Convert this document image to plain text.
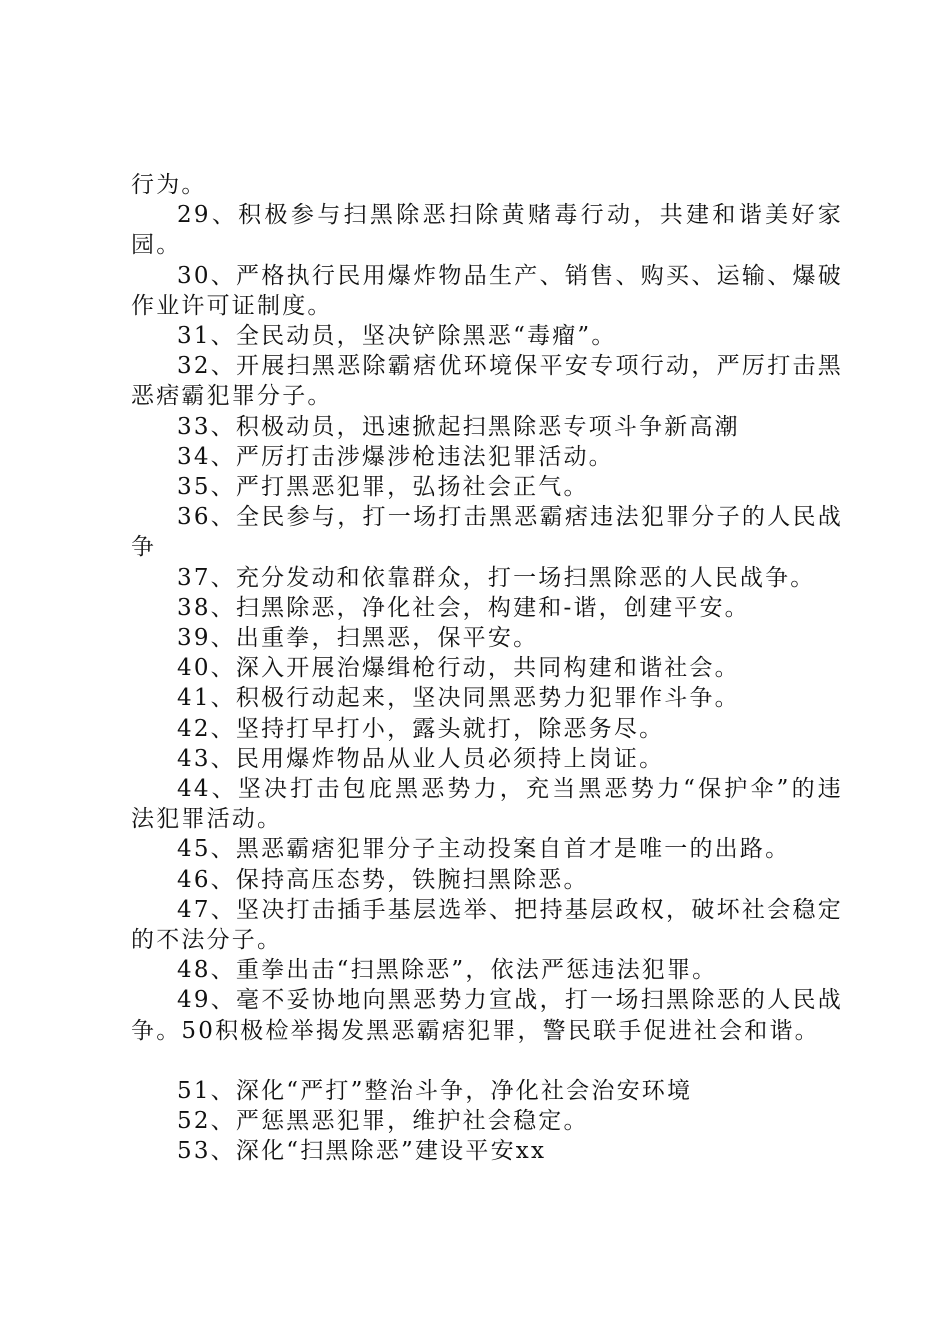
行为。

29、积极参与扫黑除恶扫除黄赌毒行动，共建和谐美好家园。

30、严格执行民用爆炸物品生产、销售、购买、运输、爆破作业许可证制度。

31、全民动员，坚决铲除黑恶“毒瘤”。

32、开展扫黑恶除霸痞优环境保平安专项行动，严厉打击黑恶痞霸犯罪分子。

33、积极动员，迅速掀起扫黑除恶专项斗争新高潮

34、严厉打击涉爆涉枪违法犯罪活动。

35、严打黑恶犯罪，弘扬社会正气。

36、全民参与，打一场打击黑恶霸痞违法犯罪分子的人民战争

37、充分发动和依靠群众，打一场扫黑除恶的人民战争。

38、扫黑除恶，净化社会，构建和-谐，创建平安。

39、出重拳，扫黑恶，保平安。

40、深入开展治爆缉枪行动，共同构建和谐社会。

41、积极行动起来，坚决同黑恶势力犯罪作斗争。

42、坚持打早打小，露头就打，除恶务尽。

43、民用爆炸物品从业人员必须持上岗证。

44、坚决打击包庇黑恶势力，充当黑恶势力“保护伞”的违法犯罪活动。

45、黑恶霸痞犯罪分子主动投案自首才是唯一的出路。

46、保持高压态势，铁腕扫黑除恶。

47、坚决打击插手基层选举、把持基层政权，破坏社会稳定的不法分子。

48、重拳出击“扫黑除恶”，依法严惩违法犯罪。

49、毫不妥协地向黑恶势力宣战，打一场扫黑除恶的人民战争。50积极检举揭发黑恶霸痞犯罪，警民联手促进社会和谐。

51、深化“严打”整治斗争，净化社会治安环境

52、严惩黑恶犯罪，维护社会稳定。

53、深化“扫黑除恶”建设平安xx
